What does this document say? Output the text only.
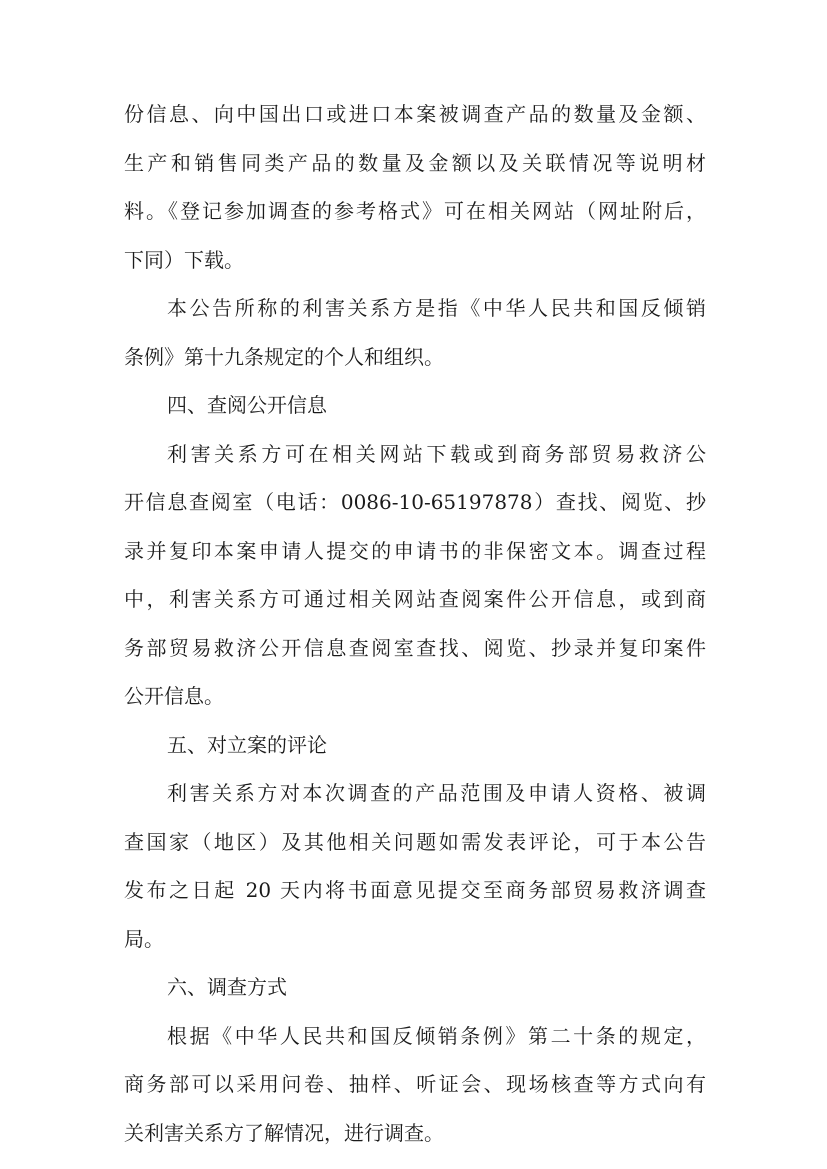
份信息、向中国出口或进口本案被调查产品的数量及金额、
生产和销售同类产品的数量及金额以及关联情况等说明材
料。《登记参加调查的参考格式》可在相关网站（网址附后，
下同）下载。
本公告所称的利害关系方是指《中华人民共和国反倾销
条例》第十九条规定的个人和组织。
四、查阅公开信息
利害关系方可在相关网站下载或到商务部贸易救济公
开信息查阅室（电话：0086-10-65197878）查找、阅览、抄
录并复印本案申请人提交的申请书的非保密文本。调查过程
中，利害关系方可通过相关网站查阅案件公开信息，或到商
务部贸易救济公开信息查阅室查找、阅览、抄录并复印案件
公开信息。
五、对立案的评论
利害关系方对本次调查的产品范围及申请人资格、被调
查国家（地区）及其他相关问题如需发表评论，可于本公告
发布之日起 20 天内将书面意见提交至商务部贸易救济调查
局。
六、调查方式
根据《中华人民共和国反倾销条例》第二十条的规定，
商务部可以采用问卷、抽样、听证会、现场核查等方式向有
关利害关系方了解情况，进行调查。
